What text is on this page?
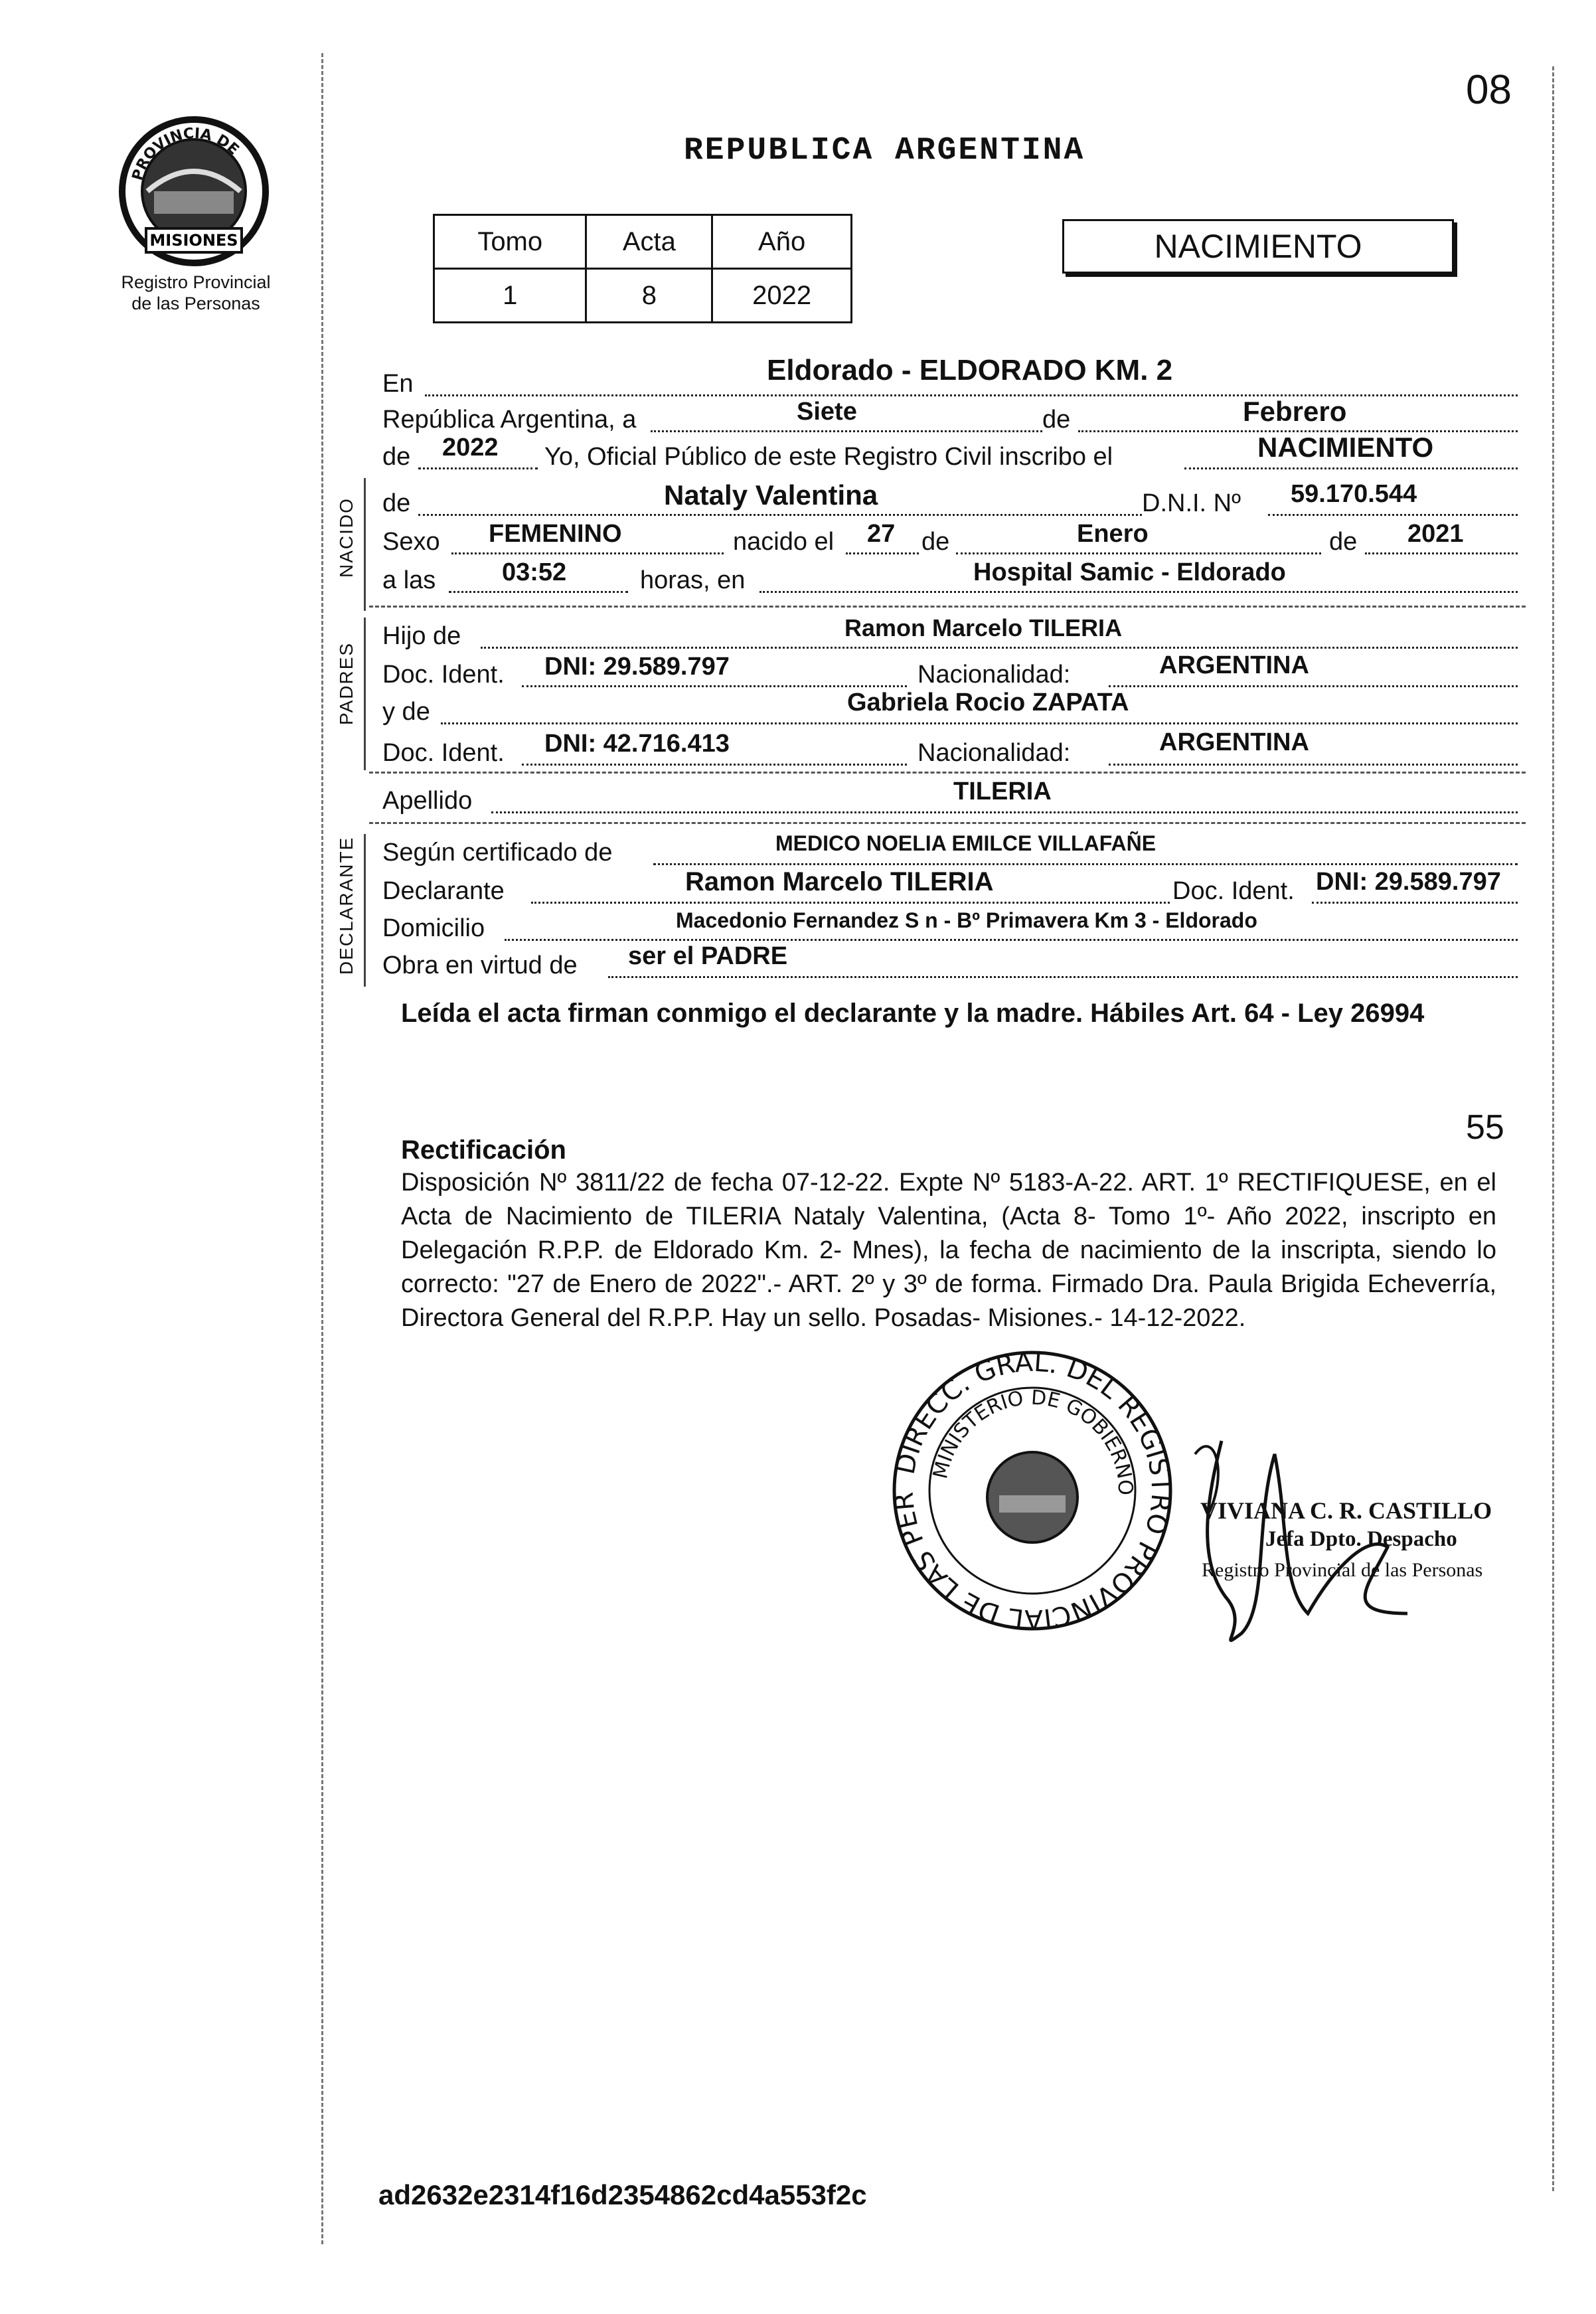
08
PROVINCIA DE
MISIONES
Registro Provincial
de las Personas
REPUBLICA ARGENTINA
Tomo	Acta	Año
1	8	2022
NACIMIENTO
En	Eldorado - ELDORADO KM. 2
República Argentina, a	Siete	de	Febrero
de 2022 Yo, Oficial Público de este Registro Civil inscribo el	NACIMIENTO
NACIDO de	Nataly Valentina	D.N.I. Nº 59.170.544
Sexo FEMENINO	nacido el 27 de	Enero	de 2021
a las	03:52	horas, en	Hospital Samic - Eldorado
PADRES
Hijo de	Ramon Marcelo TILERIA
Doc. Ident. DNI: 29.589.797	Nacionalidad:	ARGENTINA
y de	Gabriela Rocio ZAPATA
Doc. Ident. DNI: 42.716.413	Nacionalidad:	ARGENTINA
Apellido	TILERIA
DECLARANTE Según certificado de	MEDICO NOELIA EMILCE VILLAFAÑE
Declarante	Ramon Marcelo TILERIA	Doc. Ident. DNI: 29.589.797
Domicilio	Macedonio Fernandez S n - Bº Primavera Km 3 - Eldorado
Obra en virtud de ser el PADRE
Leída el acta firman conmigo el declarante y la madre. Hábiles Art. 64 - Ley 26994
55
Rectificación
Disposición Nº 3811/22 de fecha 07-12-22. Expte Nº 5183-A-22. ART. 1º RECTIFIQUESE, en el Acta de Nacimiento de TILERIA Nataly Valentina, (Acta 8- Tomo 1º- Año 2022, inscripto en Delegación R.P.P. de Eldorado Km. 2- Mnes), la fecha de nacimiento de la inscripta, siendo lo correcto: "27 de Enero de 2022".- ART. 2º y 3º de forma. Firmado Dra. Paula Brigida Echeverría, Directora General del R.P.P. Hay un sello. Posadas- Misiones.- 14-12-2022.
DIRECC. GRAL. DEL REGISTRO PROVINCIAL DE LAS PER
MINISTERIO DE GOBIERNO
VIVIANA C. R. CASTILLO
Jefa Dpto. Despacho
Registro Provincial de las Personas
ad2632e2314f16d2354862cd4a553f2c
